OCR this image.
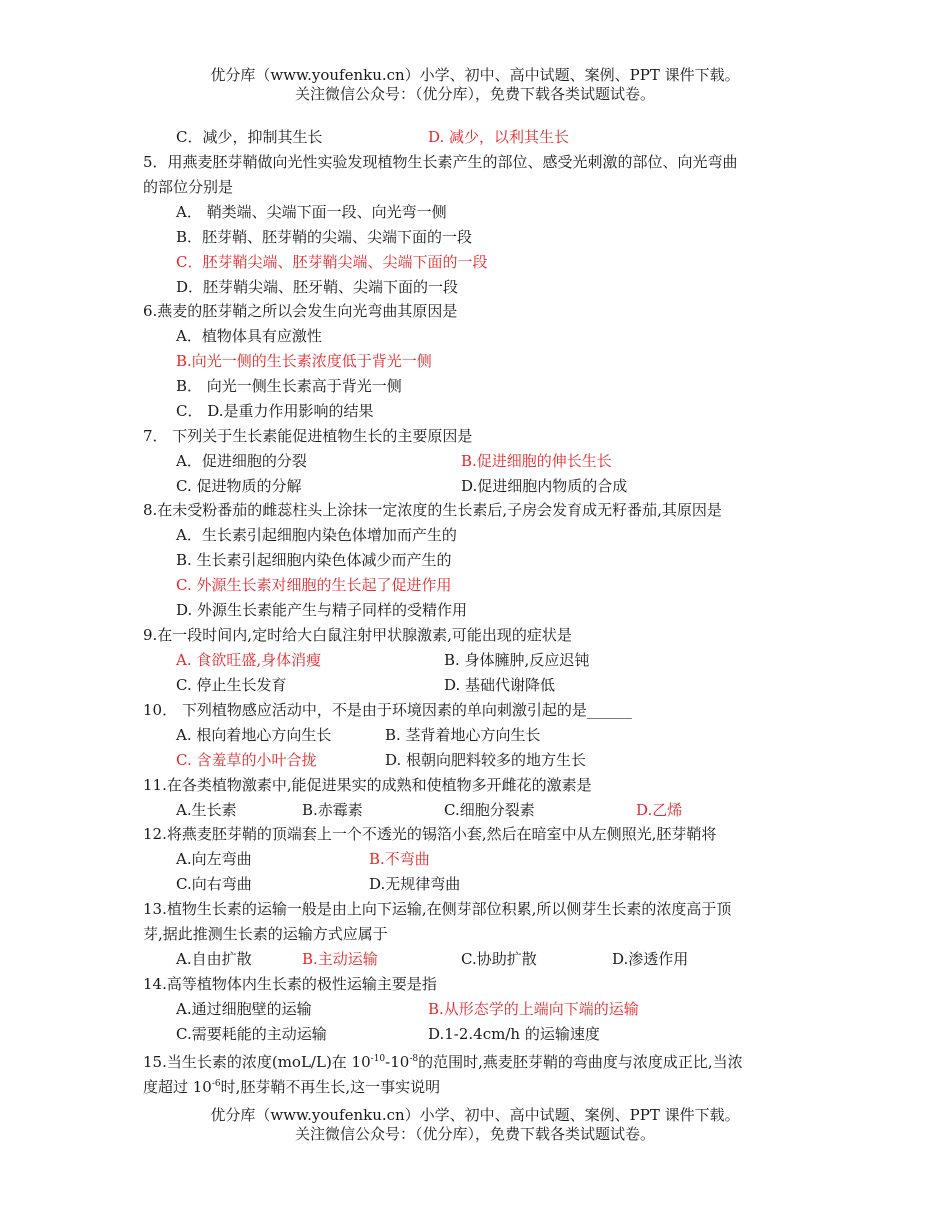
优分库（www.youfenku.cn）小学、初中、高中试题、案例、PPT 课件下载。
关注微信公众号：（优分库），免费下载各类试题试卷。
C．减少，抑制其生长	D. 减少，以利其生长
5．用燕麦胚芽鞘做向光性实验发现植物生长素产生的部位、感受光刺激的部位、向光弯曲
的部位分别是
A． 鞘类端、尖端下面一段、向光弯一侧
B．胚芽鞘、胚芽鞘的尖端、尖端下面的一段
C．胚芽鞘尖端、胚芽鞘尖端、尖端下面的一段
D．胚芽鞘尖端、胚牙鞘、尖端下面的一段
6.燕麦的胚芽鞘之所以会发生向光弯曲其原因是
A．植物体具有应激性
B.向光一侧的生长素浓度低于背光一侧
B． 向光一侧生长素高于背光一侧
C． D.是重力作用影响的结果
7． 下列关于生长素能促进植物生长的主要原因是
A．促进细胞的分裂	B.促进细胞的伸长生长
C. 促进物质的分解	D.促进细胞内物质的合成
8.在未受粉番茄的雌蕊柱头上涂抹一定浓度的生长素后,子房会发育成无籽番茄,其原因是
A．生长素引起细胞内染色体增加而产生的
B. 生长素引起细胞内染色体减少而产生的
C. 外源生长素对细胞的生长起了促进作用
D. 外源生长素能产生与精子同样的受精作用
9.在一段时间内,定时给大白鼠注射甲状腺激素,可能出现的症状是
A. 食欲旺盛,身体消瘦	B. 身体臃肿,反应迟钝
C. 停止生长发育	D. 基础代谢降低
10． 下列植物感应活动中，不是由于环境因素的单向刺激引起的是______
A. 根向着地心方向生长	B. 茎背着地心方向生长
C. 含羞草的小叶合拢	D. 根朝向肥料较多的地方生长
11.在各类植物激素中,能促进果实的成熟和使植物多开雌花的激素是
A.生长素	B.赤霉素	C.细胞分裂素	D.乙烯
12.将燕麦胚芽鞘的顶端套上一个不透光的锡箔小套,然后在暗室中从左侧照光,胚芽鞘将
A.向左弯曲	B.不弯曲
C.向右弯曲	D.无规律弯曲
13.植物生长素的运输一般是由上向下运输,在侧芽部位积累,所以侧芽生长素的浓度高于顶
芽,据此推测生长素的运输方式应属于
A.自由扩散	B.主动运输	C.协助扩散	D.渗透作用
14.高等植物体内生长素的极性运输主要是指
A.通过细胞壁的运输	B.从形态学的上端向下端的运输
C.需要耗能的主动运输	D.1-2.4cm/h 的运输速度
15.当生长素的浓度(moL/L)在 $10^{-10}-10^{-8}$的范围时,燕麦胚芽鞘的弯曲度与浓度成正比,当浓
度超过 $10^{-6}$时,胚芽鞘不再生长,这一事实说明
优分库（www.youfenku.cn）小学、初中、高中试题、案例、PPT 课件下载。
关注微信公众号：（优分库），免费下载各类试题试卷。
